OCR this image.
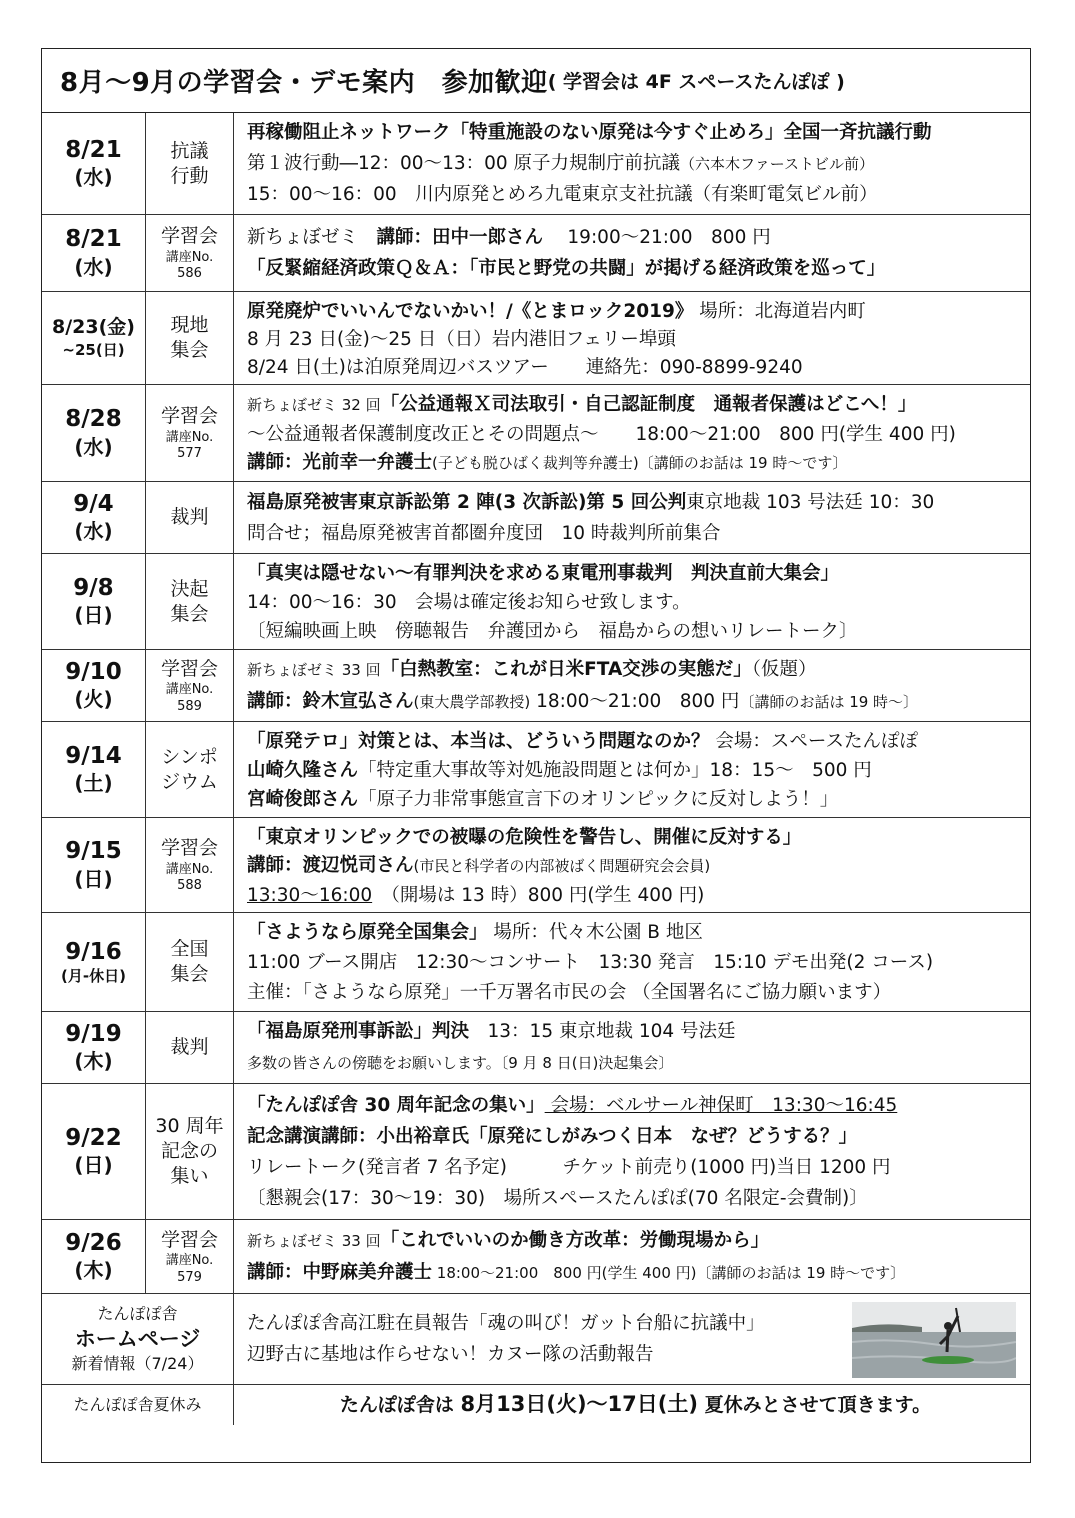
8月～9月の学習会・デモ案内　参加歓迎 ( 学習会は 4F スペースたんぽぽ )
8/21
(水)
抗議
行動
再稼働阻止ネットワーク「特重施設のない原発は今すぐ止めろ」全国一斉抗議行動
第１波行動―12：00～13：00 原子力規制庁前抗議（六本木ファーストビル前）
15：00～16：00　川内原発とめろ九電東京支社抗議（有楽町電気ビル前）
8/21
(水)
学習会
講座No.
586
新ちょぼゼミ　講師：田中一郎さん　 19:00～21:00　800 円
「反緊縮経済政策Ｑ＆Ａ：「市民と野党の共闘」が掲げる経済政策を巡って」
8/23(金)
~25(日)
現地
集会
原発廃炉でいいんでないかい！/《とまロック2019》 場所：北海道岩内町
8 月 23 日(金)～25 日（日）岩内港旧フェリー埠頭
8/24 日(土)は泊原発周辺バスツアー　　連絡先：090-8899-9240
8/28
(水)
学習会
講座No.
577
新ちょぼゼミ 32 回「公益通報Ｘ司法取引・自己認証制度　通報者保護はどこへ！」
～公益通報者保護制度改正とその問題点～　　18:00～21:00　800 円(学生 400 円)
講師：光前幸一弁護士(子ども脱ひばく裁判等弁護士)〔講師のお話は 19 時～です〕
9/4
(水)
裁判
福島原発被害東京訴訟第 2 陣(3 次訴訟)第 5 回公判東京地裁 103 号法廷 10：30
問合せ；福島原発被害首都圏弁度団　10 時裁判所前集合
9/8
(日)
決起
集会
「真実は隠せない～有罪判決を求める東電刑事裁判　判決直前大集会」
14：00～16：30　会場は確定後お知らせ致します。
〔短編映画上映　傍聴報告　弁護団から　福島からの想いリレートーク〕
9/10
(火)
学習会
講座No.
589
新ちょぼゼミ 33 回「白熱教室：これが日米FTA交渉の実態だ」（仮題）
講師：鈴木宣弘さん(東大農学部教授) 18:00～21:00　800 円〔講師のお話は 19 時～〕
9/14
(土)
シンポ
ジウム
「原発テロ」対策とは、本当は、どういう問題なのか？ 会場：スペースたんぽぽ
山崎久隆さん「特定重大事故等対処施設問題とは何か」18：15～　500 円
宮崎俊郎さん「原子力非常事態宣言下のオリンピックに反対しよう！」
9/15
(日)
学習会
講座No.
588
「東京オリンピックでの被曝の危険性を警告し、開催に反対する」
講師：渡辺悦司さん(市民と科学者の内部被ばく問題研究会会員)
13:30～16:00　（開場は 13 時）800 円(学生 400 円)
9/16
(月-休日)
全国
集会
「さようなら原発全国集会」 場所：代々木公園 B 地区
11:00 ブース開店　12:30～コンサート　13:30 発言　15:10 デモ出発(2 コース)
主催：「さようなら原発」一千万署名市民の会 （全国署名にご協力願います）
9/19
(木)
裁判
「福島原発刑事訴訟」判決　13：15 東京地裁 104 号法廷
多数の皆さんの傍聴をお願いします。〔9 月 8 日(日)決起集会〕
9/22
(日)
30 周年
記念の
集い
「たんぽぽ舎 30 周年記念の集い」 会場：ベルサール神保町　13:30～16:45
記念講演講師：小出裕章氏「原発にしがみつく日本　なぜ？どうする？」
リレートーク(発言者 7 名予定)　　　チケット前売り(1000 円)当日 1200 円
〔懇親会(17：30～19：30)　場所スペースたんぽぽ(70 名限定-会費制)〕
9/26
(木)
学習会
講座No.
579
新ちょぼゼミ 33 回「これでいいのか働き方改革：労働現場から」
講師：中野麻美弁護士 18:00～21:00　800 円(学生 400 円)〔講師のお話は 19 時～です〕
たんぽぽ舎
ホームページ
新着情報（7/24）
たんぽぽ舎高江駐在員報告「魂の叫び！ガット台船に抗議中」
辺野古に基地は作らせない！カヌー隊の活動報告
たんぽぽ舎夏休み	たんぽぽ舎は 8月13日(火)～17日(土) 夏休みとさせて頂きます。
